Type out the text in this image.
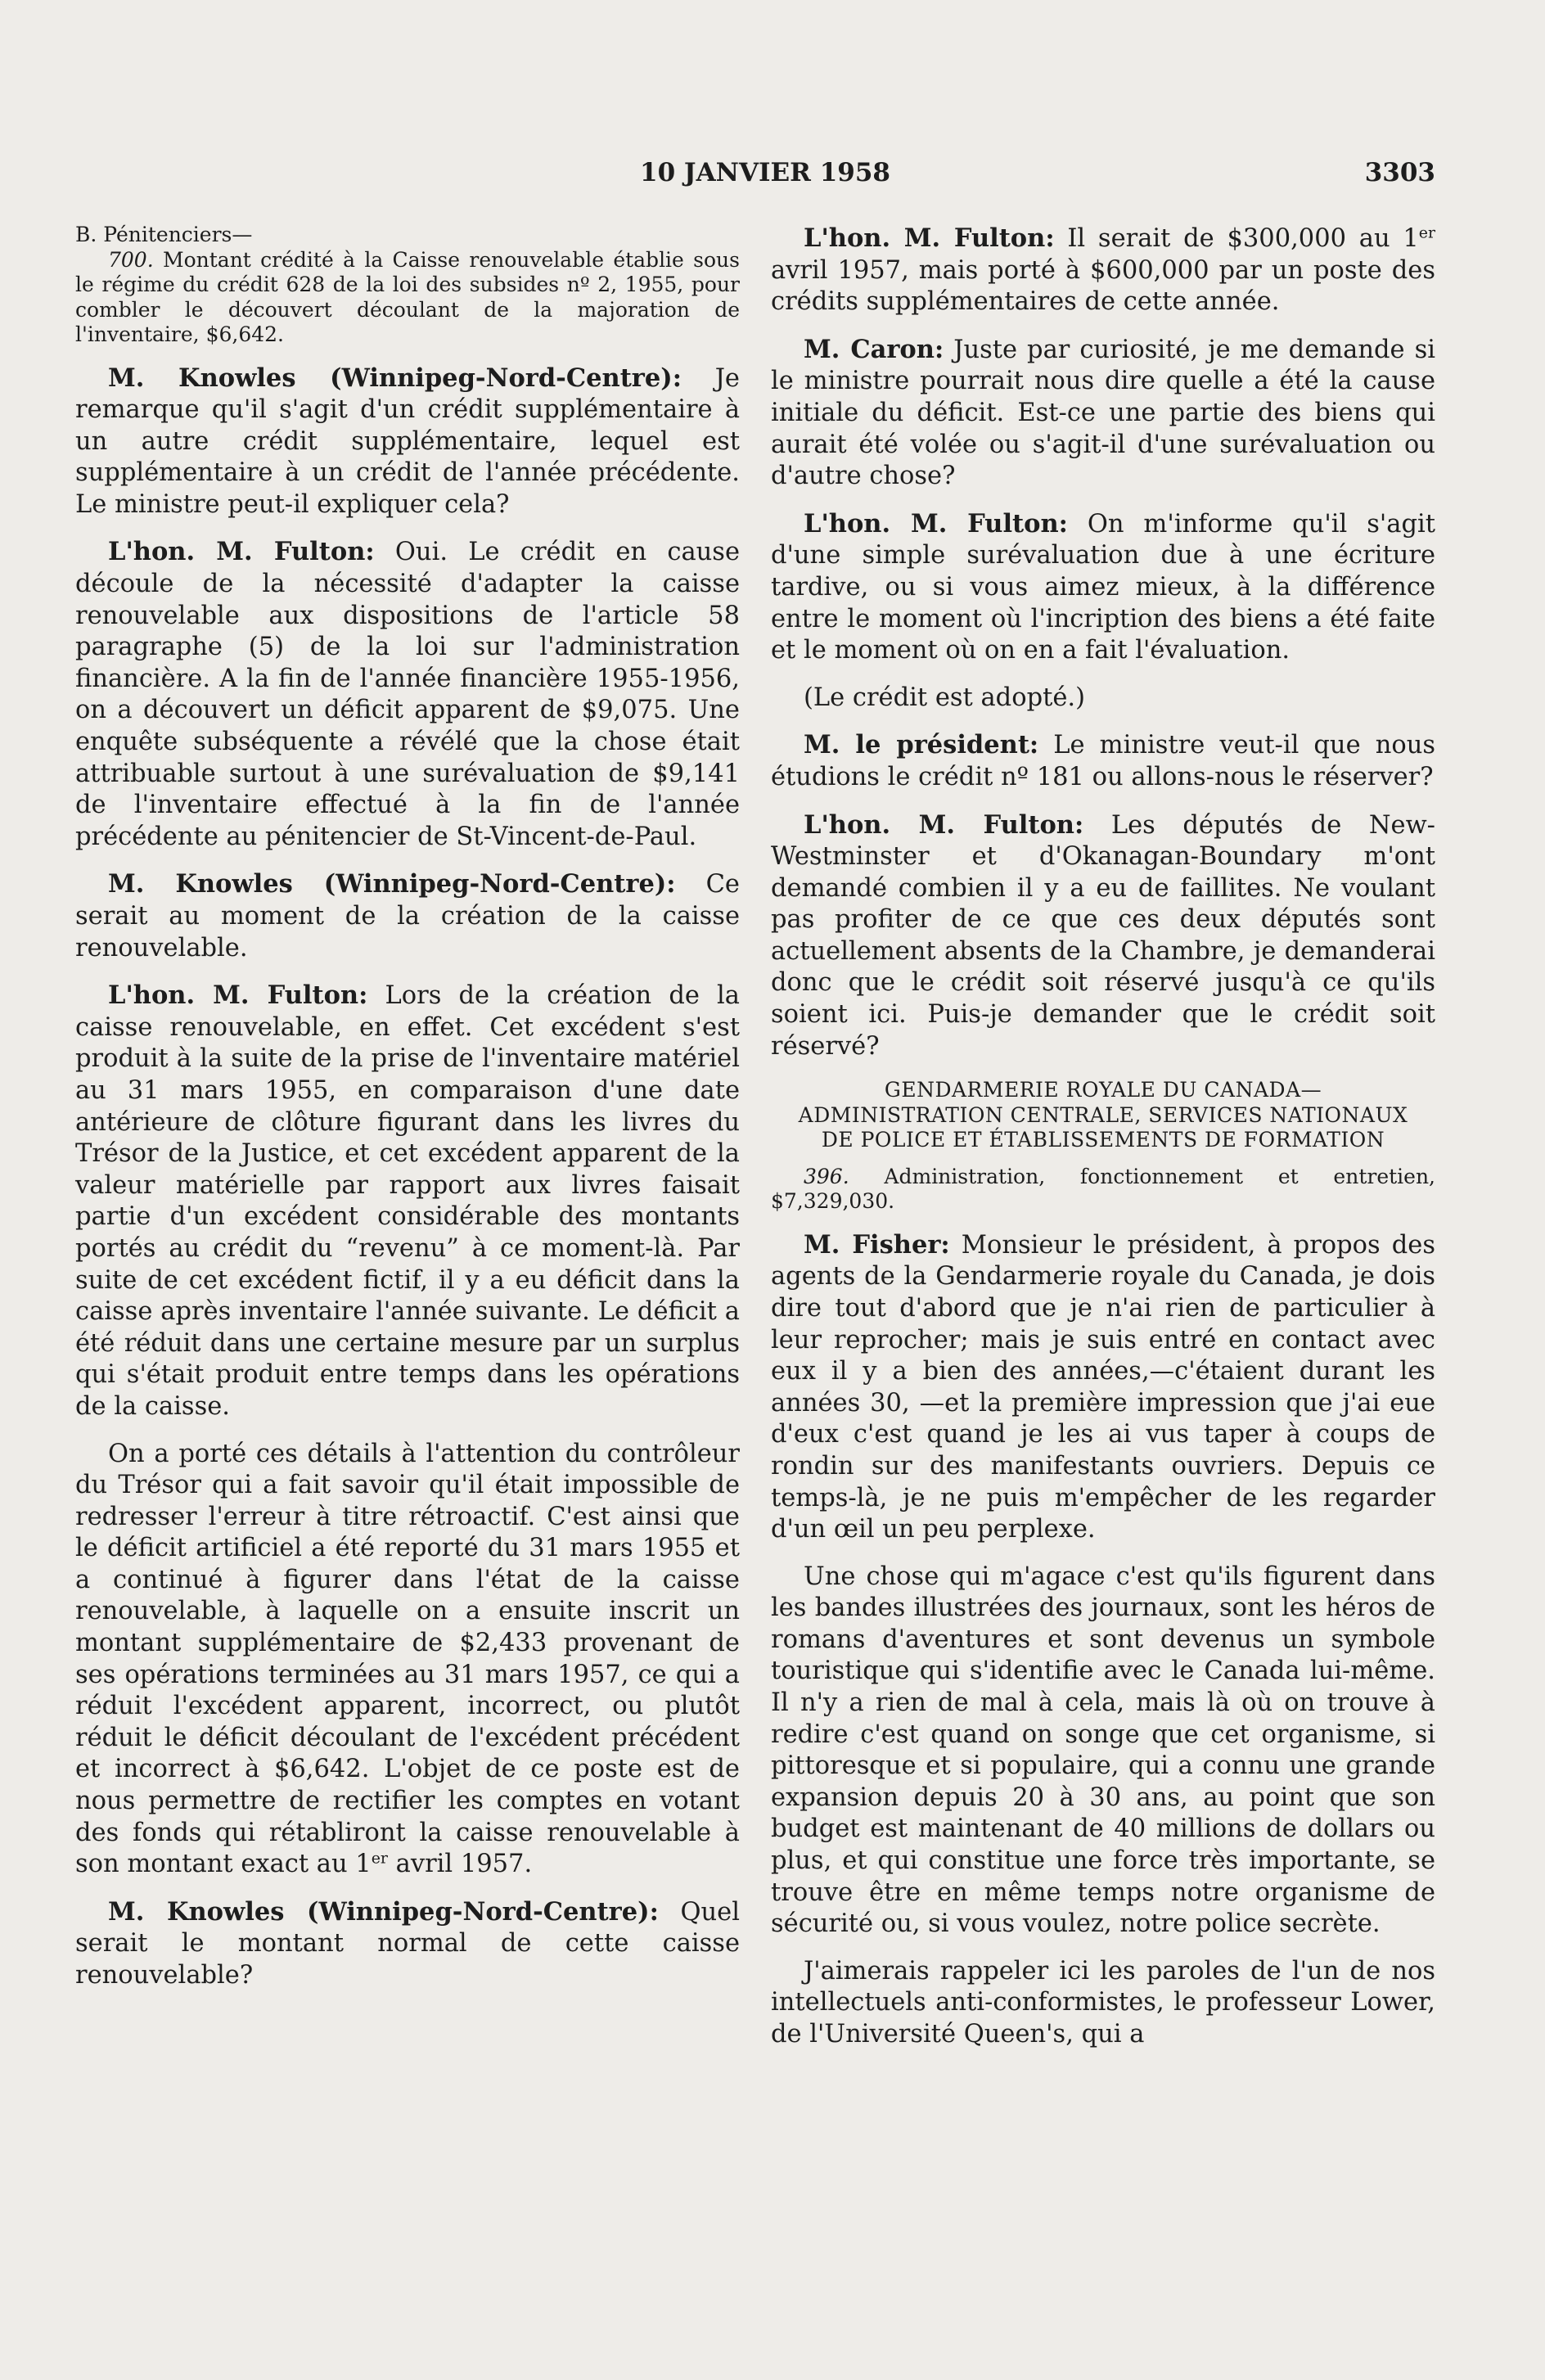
10 JANVIER 1958	3303

B. Pénitenciers—

700. Montant crédité à la Caisse renouvelable établie sous le régime du crédit 628 de la loi des subsides nº 2, 1955, pour combler le découvert découlant de la majoration de l'inventaire, $6,642.

M. Knowles (Winnipeg-Nord-Centre): Je remarque qu'il s'agit d'un crédit supplémentaire à un autre crédit supplémentaire, lequel est supplémentaire à un crédit de l'année précédente. Le ministre peut-il expliquer cela?

L'hon. M. Fulton: Oui. Le crédit en cause découle de la nécessité d'adapter la caisse renouvelable aux dispositions de l'article 58 paragraphe (5) de la loi sur l'administration financière. A la fin de l'année financière 1955-1956, on a découvert un déficit apparent de $9,075. Une enquête subséquente a révélé que la chose était attribuable surtout à une surévaluation de $9,141 de l'inventaire effectué à la fin de l'année précédente au pénitencier de St-Vincent-de-Paul.

M. Knowles (Winnipeg-Nord-Centre): Ce serait au moment de la création de la caisse renouvelable.

L'hon. M. Fulton: Lors de la création de la caisse renouvelable, en effet. Cet excédent s'est produit à la suite de la prise de l'inventaire matériel au 31 mars 1955, en comparaison d'une date antérieure de clôture figurant dans les livres du Trésor de la Justice, et cet excédent apparent de la valeur matérielle par rapport aux livres faisait partie d'un excédent considérable des montants portés au crédit du “revenu” à ce moment-là. Par suite de cet excédent fictif, il y a eu déficit dans la caisse après inventaire l'année suivante. Le déficit a été réduit dans une certaine mesure par un surplus qui s'était produit entre temps dans les opérations de la caisse.

On a porté ces détails à l'attention du contrôleur du Trésor qui a fait savoir qu'il était impossible de redresser l'erreur à titre rétroactif. C'est ainsi que le déficit artificiel a été reporté du 31 mars 1955 et a continué à figurer dans l'état de la caisse renouvelable, à laquelle on a ensuite inscrit un montant supplémentaire de $2,433 provenant de ses opérations terminées au 31 mars 1957, ce qui a réduit l'excédent apparent, incorrect, ou plutôt réduit le déficit découlant de l'excédent précédent et incorrect à $6,642. L'objet de ce poste est de nous permettre de rectifier les comptes en votant des fonds qui rétabliront la caisse renouvelable à son montant exact au 1er avril 1957.

M. Knowles (Winnipeg-Nord-Centre): Quel serait le montant normal de cette caisse renouvelable?

L'hon. M. Fulton: Il serait de $300,000 au 1er avril 1957, mais porté à $600,000 par un poste des crédits supplémentaires de cette année.

M. Caron: Juste par curiosité, je me demande si le ministre pourrait nous dire quelle a été la cause initiale du déficit. Est-ce une partie des biens qui aurait été volée ou s'agit-il d'une surévaluation ou d'autre chose?

L'hon. M. Fulton: On m'informe qu'il s'agit d'une simple surévaluation due à une écriture tardive, ou si vous aimez mieux, à la différence entre le moment où l'incription des biens a été faite et le moment où on en a fait l'évaluation.

(Le crédit est adopté.)

M. le président: Le ministre veut-il que nous étudions le crédit nº 181 ou allons-nous le réserver?

L'hon. M. Fulton: Les députés de New-Westminster et d'Okanagan-Boundary m'ont demandé combien il y a eu de faillites. Ne voulant pas profiter de ce que ces deux députés sont actuellement absents de la Chambre, je demanderai donc que le crédit soit réservé jusqu'à ce qu'ils soient ici. Puis-je demander que le crédit soit réservé?

GENDARMERIE ROYALE DU CANADA—

ADMINISTRATION CENTRALE, SERVICES NATIONAUX

DE POLICE ET ÉTABLISSEMENTS DE FORMATION

396. Administration, fonctionnement et entretien, $7,329,030.

M. Fisher: Monsieur le président, à propos des agents de la Gendarmerie royale du Canada, je dois dire tout d'abord que je n'ai rien de particulier à leur reprocher; mais je suis entré en contact avec eux il y a bien des années,—c'étaient durant les années 30, —et la première impression que j'ai eue d'eux c'est quand je les ai vus taper à coups de rondin sur des manifestants ouvriers. Depuis ce temps-là, je ne puis m'empêcher de les regarder d'un œil un peu perplexe.

Une chose qui m'agace c'est qu'ils figurent dans les bandes illustrées des journaux, sont les héros de romans d'aventures et sont devenus un symbole touristique qui s'identifie avec le Canada lui-même. Il n'y a rien de mal à cela, mais là où on trouve à redire c'est quand on songe que cet organisme, si pittoresque et si populaire, qui a connu une grande expansion depuis 20 à 30 ans, au point que son budget est maintenant de 40 millions de dollars ou plus, et qui constitue une force très importante, se trouve être en même temps notre organisme de sécurité ou, si vous voulez, notre police secrète.

J'aimerais rappeler ici les paroles de l'un de nos intellectuels anti-conformistes, le professeur Lower, de l'Université Queen's, qui a
